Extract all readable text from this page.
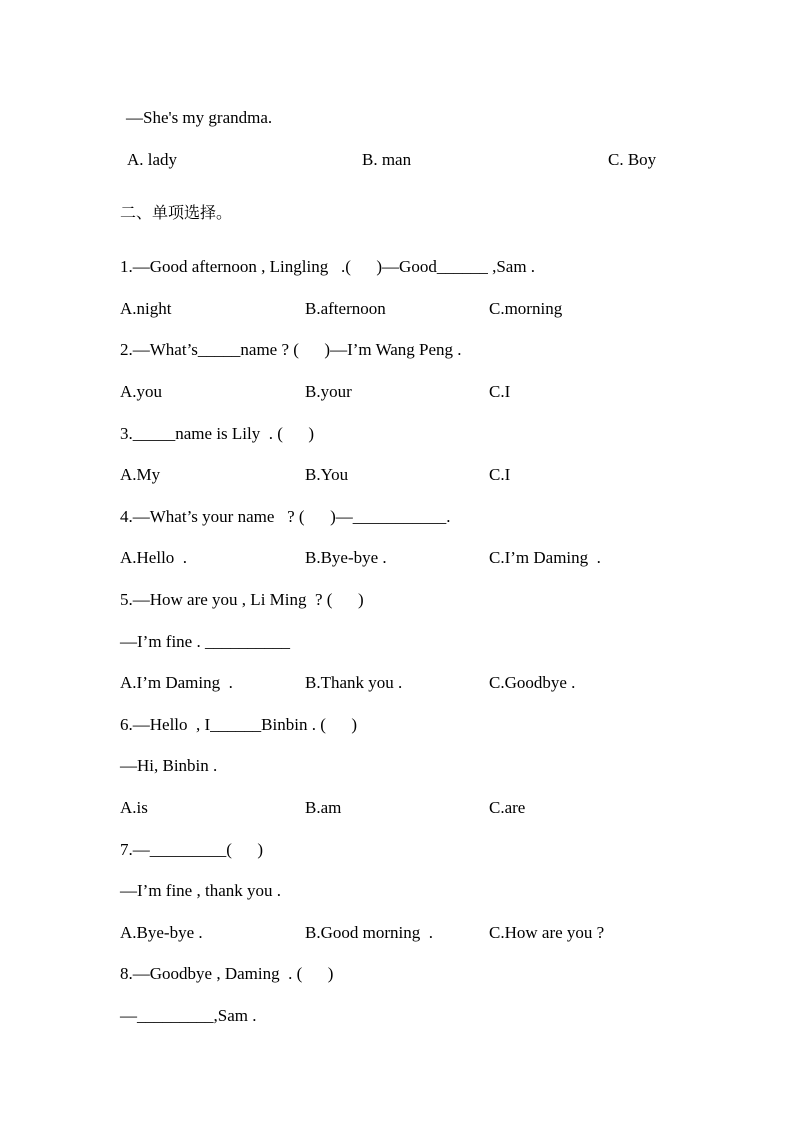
—She's my grandma.
A. lady	B. man	C. Boy
二、单项选择。
1.—Good afternoon , Lingling   .(      )—Good______ ,Sam .
A.night	B.afternoon	C.morning
2.—What’s_____name ? (      )—I’m Wang Peng .
A.you	B.your	C.I
3._____name is Lily  . (      )
A.My	B.You	C.I
4.—What’s your name   ? (      )—___________.
A.Hello  .	B.Bye-bye .	C.I’m Daming  .
5.—How are you , Li Ming  ? (      )
—I’m fine . __________
A.I’m Daming  .	B.Thank you .	C.Goodbye .
6.—Hello  , I______Binbin . (      )
—Hi, Binbin .
A.is	B.am	C.are
7.—_________(      )
—I’m fine , thank you .
A.Bye-bye .	B.Good morning  .	C.How are you ?
8.—Goodbye , Daming  . (      )
—_________,Sam .
